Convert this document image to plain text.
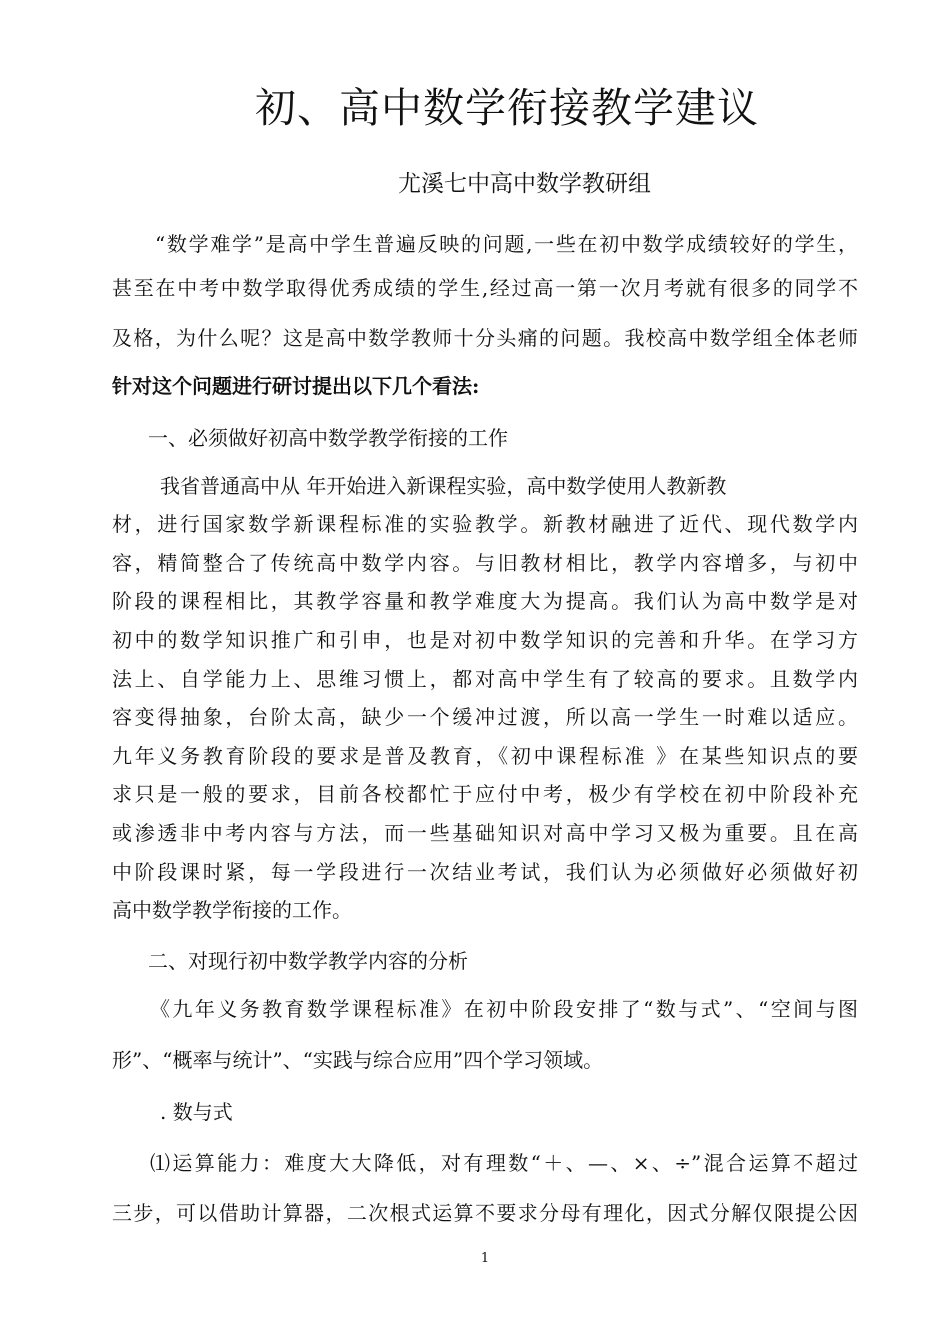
初、高中数学衔接教学建议
尤溪七中高中数学教研组
“数学难学”是高中学生普遍反映的问题,一些在初中数学成绩较好的学生，
甚至在中考中数学取得优秀成绩的学生,经过高一第一次月考就有很多的同学不
及格，为什么呢？这是高中数学教师十分头痛的问题。我校高中数学组全体老师
针对这个问题进行研讨提出以下几个看法:
一、必须做好初高中数学教学衔接的工作
我省普通高中从 年开始进入新课程实验，高中数学使用人教新教
材，进行国家数学新课程标准的实验教学。新教材融进了近代、现代数学内
容，精简整合了传统高中数学内容。与旧教材相比，教学内容增多，与初中
阶段的课程相比，其教学容量和教学难度大为提高。我们认为高中数学是对
初中的数学知识推广和引申，也是对初中数学知识的完善和升华。在学习方
法上、自学能力上、思维习惯上，都对高中学生有了较高的要求。且数学内
容变得抽象，台阶太高，缺少一个缓冲过渡，所以高一学生一时难以适应。
九年义务教育阶段的要求是普及教育，《初中课程标准 》在某些知识点的要
求只是一般的要求，目前各校都忙于应付中考，极少有学校在初中阶段补充
或渗透非中考内容与方法，而一些基础知识对高中学习又极为重要。且在高
中阶段课时紧，每一学段进行一次结业考试，我们认为必须做好必须做好初
高中数学教学衔接的工作。
二、对现行初中数学教学内容的分析
《九年义务教育数学课程标准》在初中阶段安排了“数与式”、“空间与图
形”、“概率与统计”、“实践与综合应用”四个学习领域。
. 数与式
⑴运算能力：难度大大降低，对有理数“＋、—、×、÷”混合运算不超过
三步，可以借助计算器，二次根式运算不要求分母有理化，因式分解仅限提公因
1
